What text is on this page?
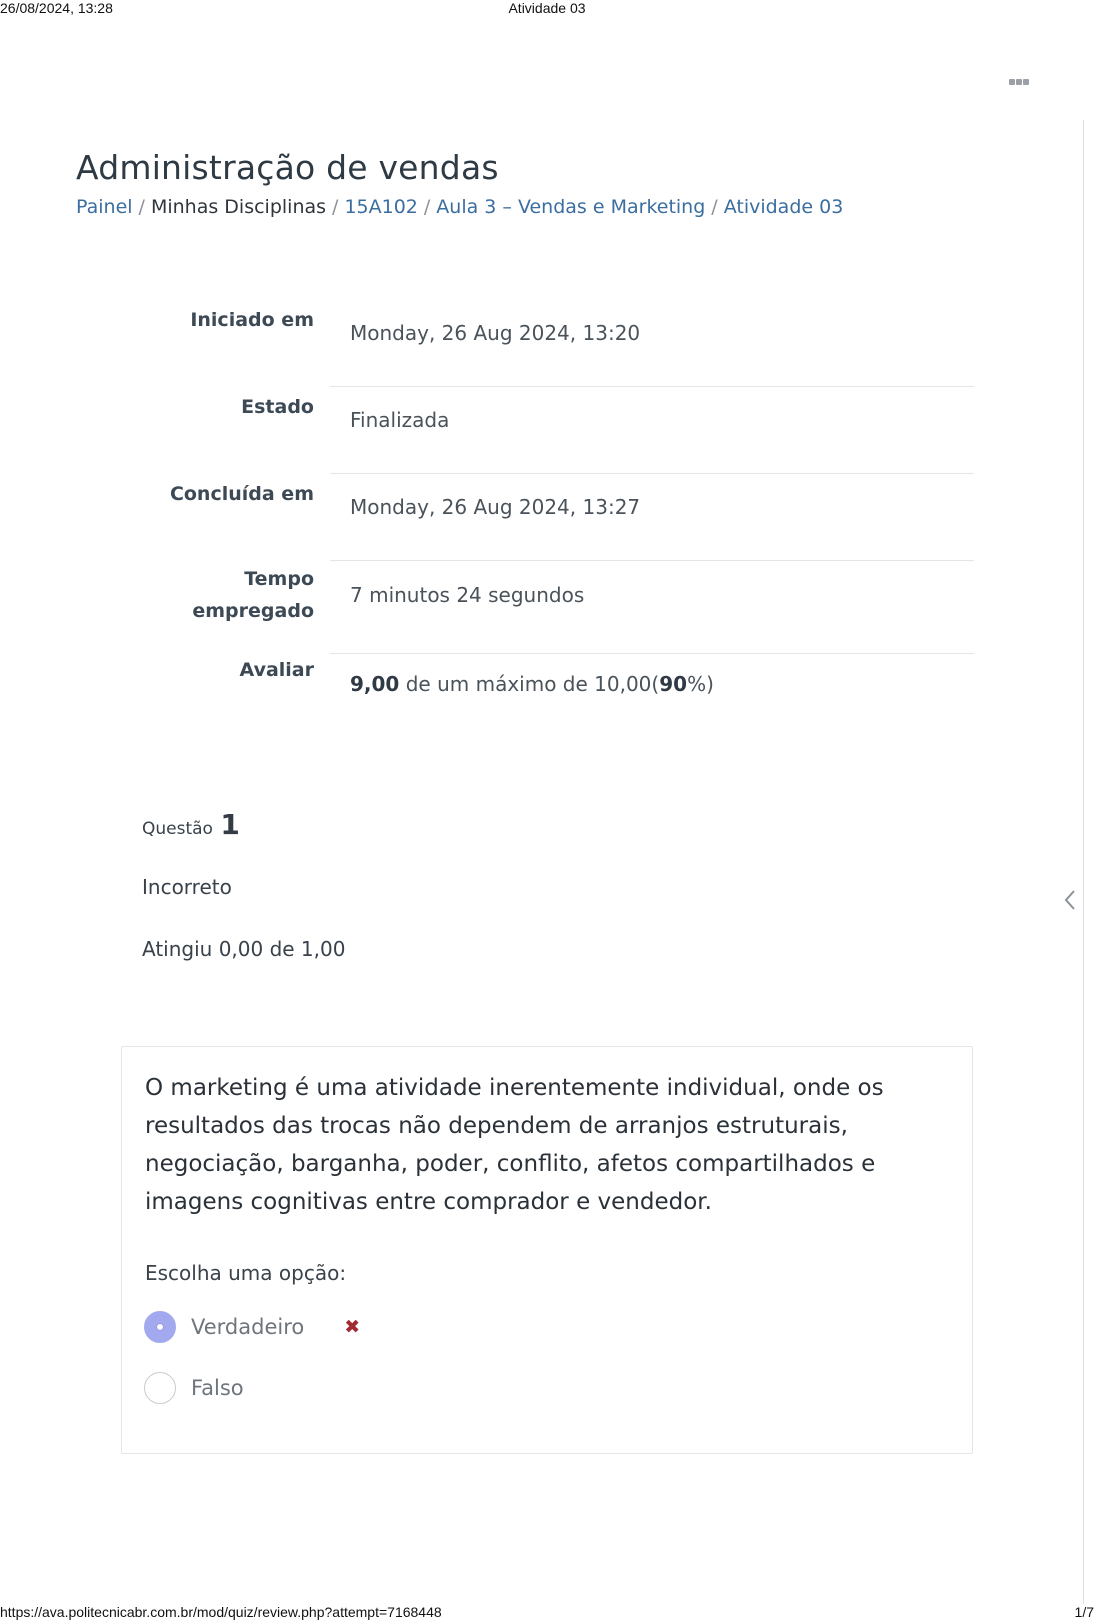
26/08/2024, 13:28	Atividade 03
Administração de vendas
Painel / Minhas Disciplinas / 15A102 / Aula 3 – Vendas e Marketing / Atividade 03
Iniciado em
Monday, 26 Aug 2024, 13:20
Estado
Finalizada
Concluída em
Monday, 26 Aug 2024, 13:27
Tempo
empregado
7 minutos 24 segundos
Avaliar
9,00 de um máximo de 10,00(90%)
Questão 1
Incorreto
Atingiu 0,00 de 1,00
O marketing é uma atividade inerentemente individual, onde os resultados das trocas não dependem de arranjos estruturais, negociação, barganha, poder, conflito, afetos compartilhados e imagens cognitivas entre comprador e vendedor.
Escolha uma opção:
Verdadeiro ✖
Falso
https://ava.politecnicabr.com.br/mod/quiz/review.php?attempt=7168448	1/7
